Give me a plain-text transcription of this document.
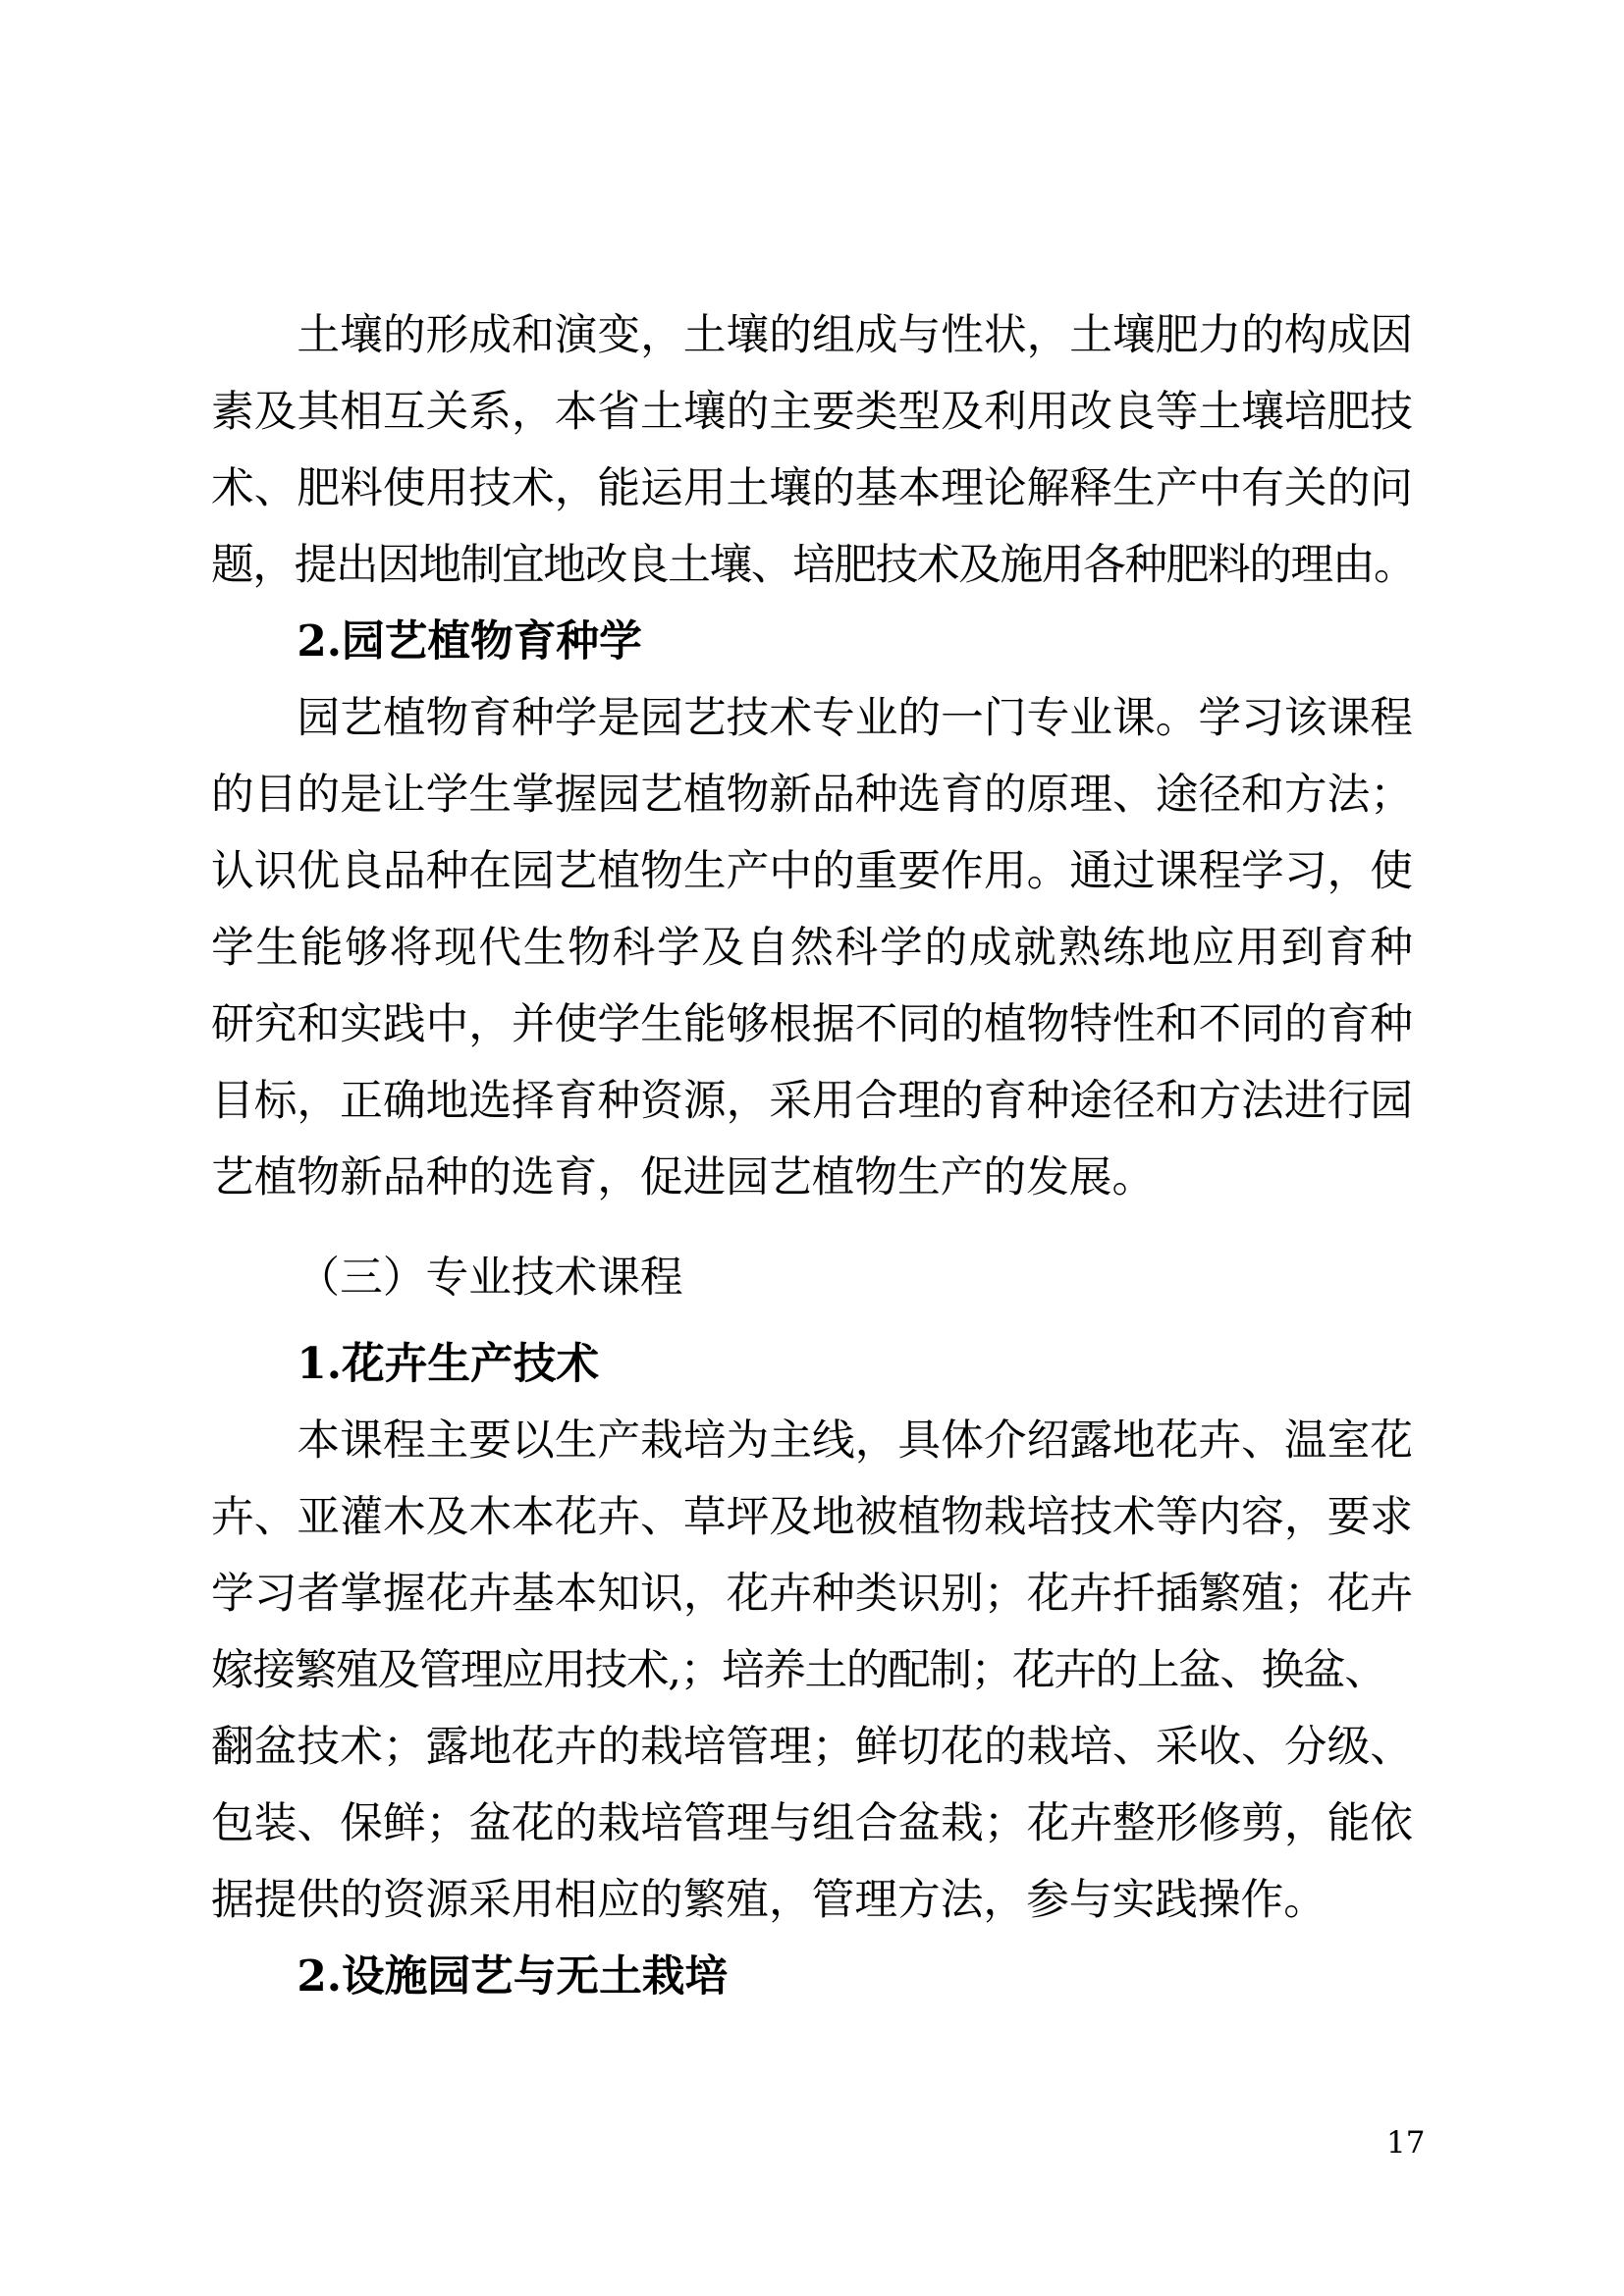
土壤的形成和演变，土壤的组成与性状，土壤肥力的构成因
素及其相互关系，本省土壤的主要类型及利用改良等土壤培肥技
术、肥料使用技术，能运用土壤的基本理论解释生产中有关的问
题，提出因地制宜地改良土壤、培肥技术及施用各种肥料的理由。
2.园艺植物育种学
园艺植物育种学是园艺技术专业的一门专业课。学习该课程
的目的是让学生掌握园艺植物新品种选育的原理、途径和方法；
认识优良品种在园艺植物生产中的重要作用。通过课程学习，使
学生能够将现代生物科学及自然科学的成就熟练地应用到育种
研究和实践中，并使学生能够根据不同的植物特性和不同的育种
目标，正确地选择育种资源，采用合理的育种途径和方法进行园
艺植物新品种的选育，促进园艺植物生产的发展。
（三）专业技术课程
1.花卉生产技术
本课程主要以生产栽培为主线，具体介绍露地花卉、温室花
卉、亚灌木及木本花卉、草坪及地被植物栽培技术等内容，要求
学习者掌握花卉基本知识，花卉种类识别；花卉扦插繁殖；花卉
嫁接繁殖及管理应用技术,；培养土的配制；花卉的上盆、换盆、
翻盆技术；露地花卉的栽培管理；鲜切花的栽培、采收、分级、
包装、保鲜；盆花的栽培管理与组合盆栽；花卉整形修剪，能依
据提供的资源采用相应的繁殖，管理方法，参与实践操作。
2.设施园艺与无土栽培
17
